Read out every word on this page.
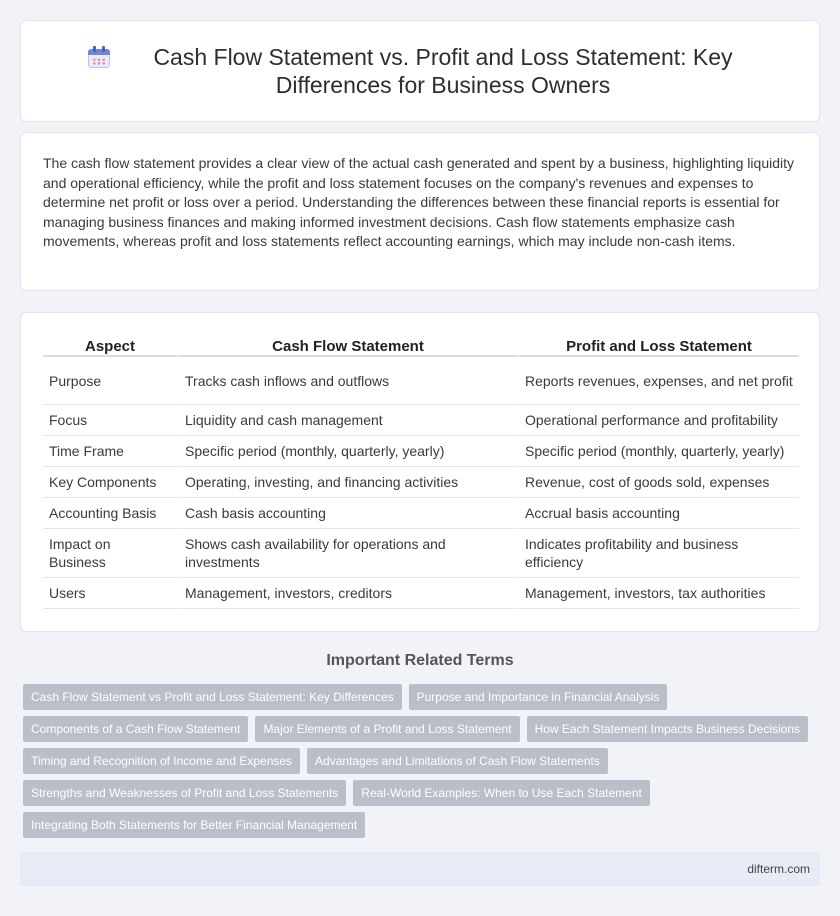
Cash Flow Statement vs. Profit and Loss Statement: Key Differences for Business Owners

The cash flow statement provides a clear view of the actual cash generated and spent by a business, highlighting liquidity and operational efficiency, while the profit and loss statement focuses on the company's revenues and expenses to determine net profit or loss over a period. Understanding the differences between these financial reports is essential for managing business finances and making informed investment decisions. Cash flow statements emphasize cash movements, whereas profit and loss statements reflect accounting earnings, which may include non-cash items.

Aspect	Cash Flow Statement	Profit and Loss Statement
Purpose	Tracks cash inflows and outflows	Reports revenues, expenses, and net profit
Focus	Liquidity and cash management	Operational performance and profitability
Time Frame	Specific period (monthly, quarterly, yearly)	Specific period (monthly, quarterly, yearly)
Key Components	Operating, investing, and financing activities	Revenue, cost of goods sold, expenses
Accounting Basis	Cash basis accounting	Accrual basis accounting
Impact on Business	Shows cash availability for operations and investments	Indicates profitability and business efficiency
Users	Management, investors, creditors	Management, investors, tax authorities
Important Related Terms
Cash Flow Statement vs Profit and Loss Statement: Key Differences	Purpose and Importance in Financial Analysis
Components of a Cash Flow Statement	Major Elements of a Profit and Loss Statement	How Each Statement Impacts Business Decisions
Timing and Recognition of Income and Expenses	Advantages and Limitations of Cash Flow Statements
Strengths and Weaknesses of Profit and Loss Statements	Real-World Examples: When to Use Each Statement
Integrating Both Statements for Better Financial Management
difterm.com
